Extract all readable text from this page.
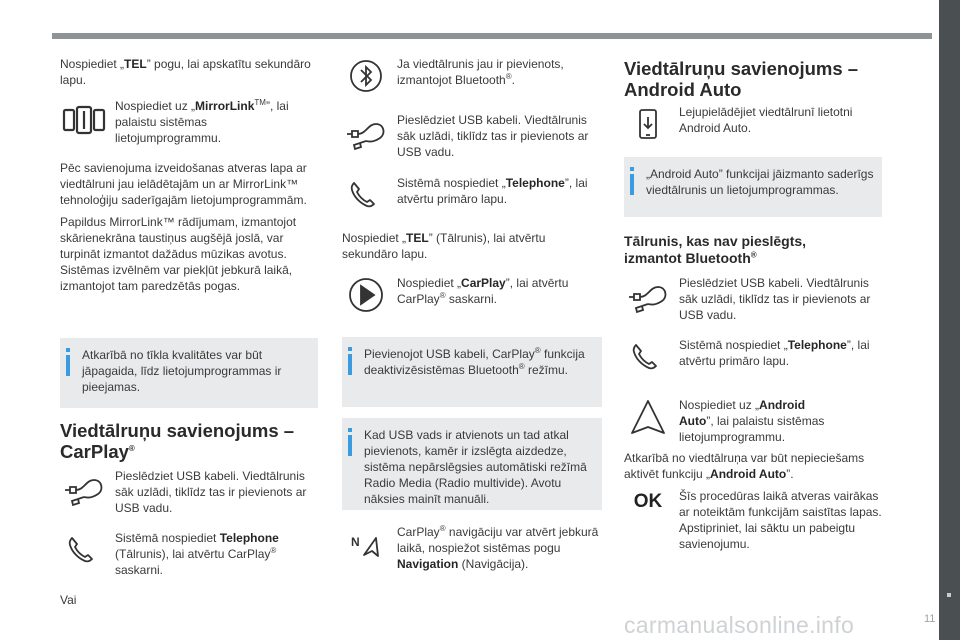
Nospiediet „TEL” pogu, lai apskatītu sekundāro lapu.

Nospiediet uz „MirrorLink™”, lai palaistu sistēmas lietojumprogrammu.

Pēc savienojuma izveidošanas atveras lapa ar viedtālruni jau ielādētajām un ar MirrorLink™ tehnoloģiju saderīgajām lietojumprogrammām.

Papildus MirrorLink™ rādījumam, izmantojot skārienekrāna taustiņus augšējā joslā, var turpināt izmantot dažādus mūzikas avotus. Sistēmas izvēlnēm var piekļūt jebkurā laikā, izmantojot tam paredzētās pogas.

Atkarībā no tīkla kvalitātes var būt jāpagaida, līdz lietojumprogrammas ir pieejamas.
Viedtālruņu savienojums –
CarPlay®
Pieslēdziet USB kabeli. Viedtālrunis sāk uzlādi, tiklīdz tas ir pievienots ar USB vadu.
Sistēmā nospiediet Telephone (Tālrunis), lai atvērtu CarPlay® saskarni.

Vai

Ja viedtālrunis jau ir pievienots, izmantojot Bluetooth®.
Pieslēdziet USB kabeli. Viedtālrunis sāk uzlādi, tiklīdz tas ir pievienots ar USB vadu.
Sistēmā nospiediet „Telephone”, lai atvērtu primāro lapu.

Nospiediet „TEL” (Tālrunis), lai atvērtu sekundāro lapu.

Nospiediet „CarPlay”, lai atvērtu CarPlay® saskarni.
Pievienojot USB kabeli, CarPlay® funkcija deaktivizēsistēmas Bluetooth® režīmu.
Kad USB vads ir atvienots un tad atkal pievienots, kamēr ir izslēgta aizdedze, sistēma nepārslēgsies automātiski režīmā Radio Media (Radio multivide). Avotu nāksies mainīt manuāli.
N
CarPlay® navigāciju var atvērt jebkurā laikā, nospiežot sistēmas pogu Navigation (Navigācija).
Viedtālruņu savienojums –
Android Auto
Lejupielādējiet viedtālrunī lietotni Android Auto.
„Android Auto” funkcijai jāizmanto saderīgs viedtālrunis un lietojumprogrammas.
Tālrunis, kas nav pieslēgts,
izmantot Bluetooth®
Pieslēdziet USB kabeli. Viedtālrunis sāk uzlādi, tiklīdz tas ir pievienots ar USB vadu.
Sistēmā nospiediet „Telephone”, lai atvērtu primāro lapu.
Nospiediet uz „Android Auto”, lai palaistu sistēmas lietojumprogrammu.

Atkarībā no viedtālruņa var būt nepieciešams aktivēt funkciju „Android Auto”.

OK	Šīs procedūras laikā atveras vairākas ar noteiktām funkcijām saistītas lapas.
Apstipriniet, lai sāktu un pabeigtu savienojumu.
carmanualsonline.info	11
